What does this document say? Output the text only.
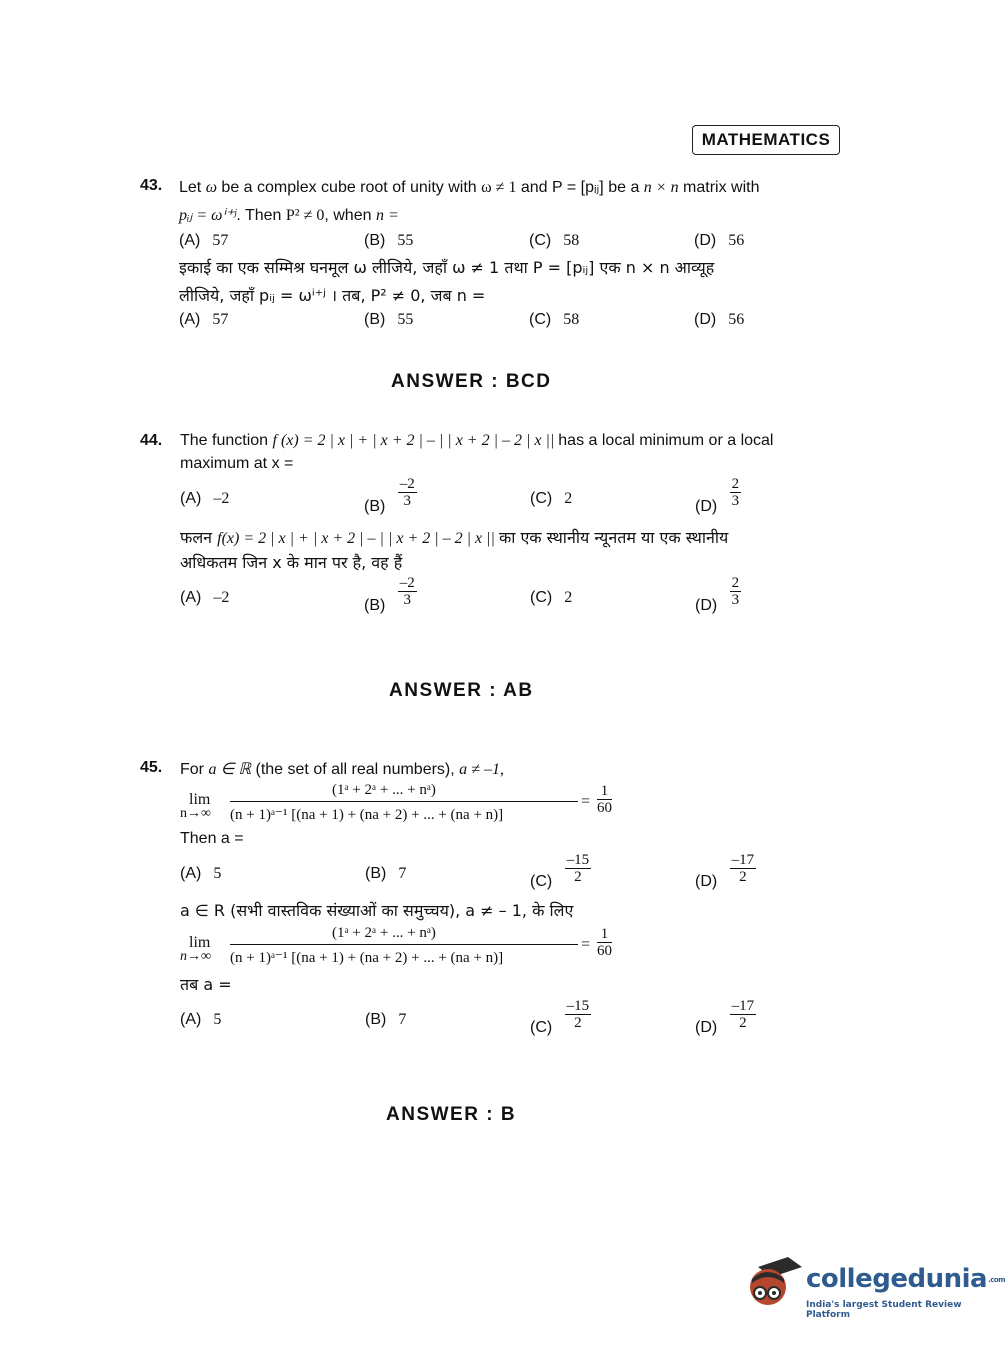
MATHEMATICS
43. Let ω be a complex cube root of unity with ω ≠ 1 and P = [pᵢⱼ] be a n × n matrix with
pᵢⱼ = ωⁱ⁺ʲ. Then P² ≠ 0, when n =
(A) 57	(B) 55	(C) 58	(D) 56
इकाई का एक सम्मिश्र घनमूल ω लीजिये, जहाँ ω ≠ 1 तथा P = [pᵢⱼ] एक n × n आव्यूह
लीजिये, जहाँ pᵢⱼ = ωⁱ⁺ʲ । तब, P² ≠ 0, जब n =
(A) 57	(B) 55	(C) 58	(D) 56
ANSWER : BCD
44. The function f (x) = 2 | x | + | x + 2 | – | | x + 2 | – 2 | x || has a local minimum or a local
maximum at x =
(A) –2	$(B) \frac{-2}{3}$	(C) 2	$(D) \frac{2}{3}$
फलन f(x) = 2 | x | + | x + 2 | – | | x + 2 | – 2 | x || का एक स्थानीय न्यूनतम या एक स्थानीय
अधिकतम जिन x के मान पर है, वह हैं
(A) –2	$(B) \frac{-2}{3}$	(C) 2	$(D) \frac{2}{3}$
ANSWER : AB
45. For a ∈ ℝ (the set of all real numbers), a ≠ –1,
lim
n→∞
(1ᵃ + 2ᵃ + ... + nᵃ)
(n + 1)ᵃ⁻¹ [(na + 1) + (na + 2) + ... + (na + n)]
= $\frac{1}{60}$
Then a =
(A) 5	(B) 7	$(C) \frac{-15}{2}$	$(D) \frac{-17}{2}$
a ∈ R (सभी वास्तविक संख्याओं का समुच्चय), a ≠ – 1, के लिए
lim
n→∞
(1ᵃ + 2ᵃ + ... + nᵃ)
(n + 1)ᵃ⁻¹ [(na + 1) + (na + 2) + ... + (na + n)]
= $\frac{1}{60}$
तब a =
(A) 5	(B) 7	$(C) \frac{-15}{2}$	$(D) \frac{-17}{2}$
ANSWER : B
collegedunia.com
India's largest Student Review Platform
